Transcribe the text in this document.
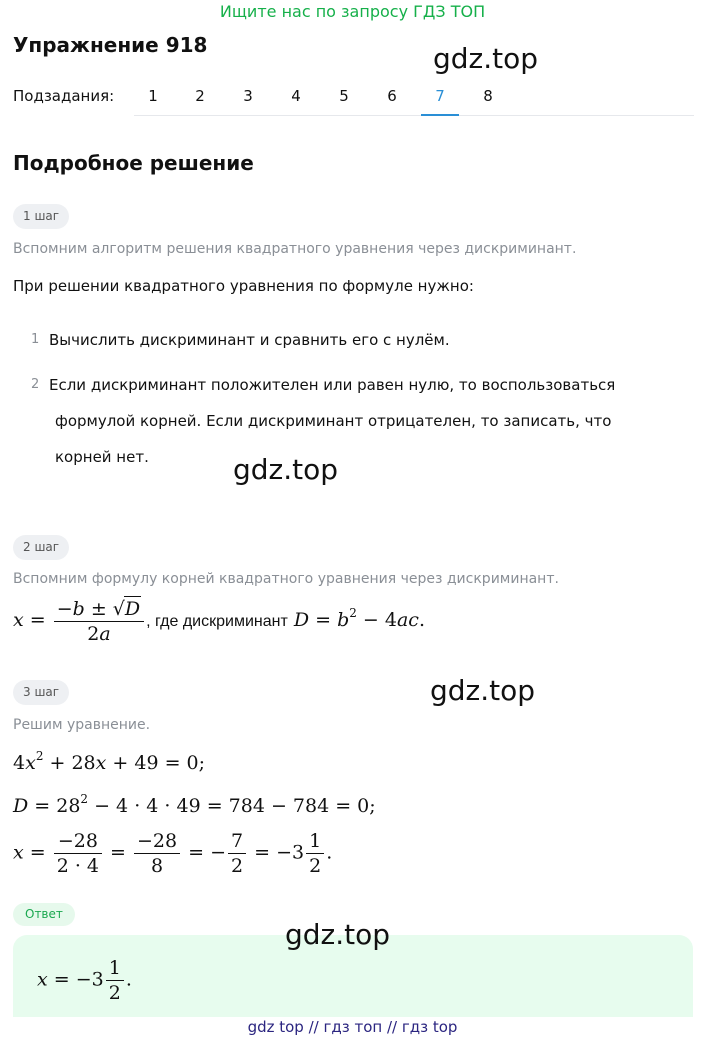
Ищите нас по запросу ГДЗ ТОП
Упражнение 918	gdz.top
Подзадания:	1	2	3	4	5	6	7	8
Подробное решение
1 шаг
Вспомним алгоритм решения квадратного уравнения через дискриминант.
При решении квадратного уравнения по формуле нужно:
1 Вычислить дискриминант и сравнить его с нулём.
2 Если дискриминант положителен или равен нулю, то воспользоваться
формулой корней. Если дискриминант отрицателен, то записать, что
корней нет.	gdz.top
2 шаг
Вспомним формулу корней квадратного уравнения через дискриминант.
$x = \frac{-b \pm √D}{2a}$ , где дискриминант $D = b^2 - 4ac$.
gdz.top
3 шаг
Решим уравнение.
$4x^2 + 28x + 49 = 0$;
$D = 28^2 - 4 \cdot 4 \cdot 49 = 784 - 784 = 0$;
$x = \frac{-28}{2 \cdot 4} = \frac{-28}{8}$ = − $\frac{7}{2} = -3 \frac{1}{2}$ .
Ответ
$x = -3 \frac{1}{2}$ .
gdz.top
gdz top // гдз топ // гдз top
